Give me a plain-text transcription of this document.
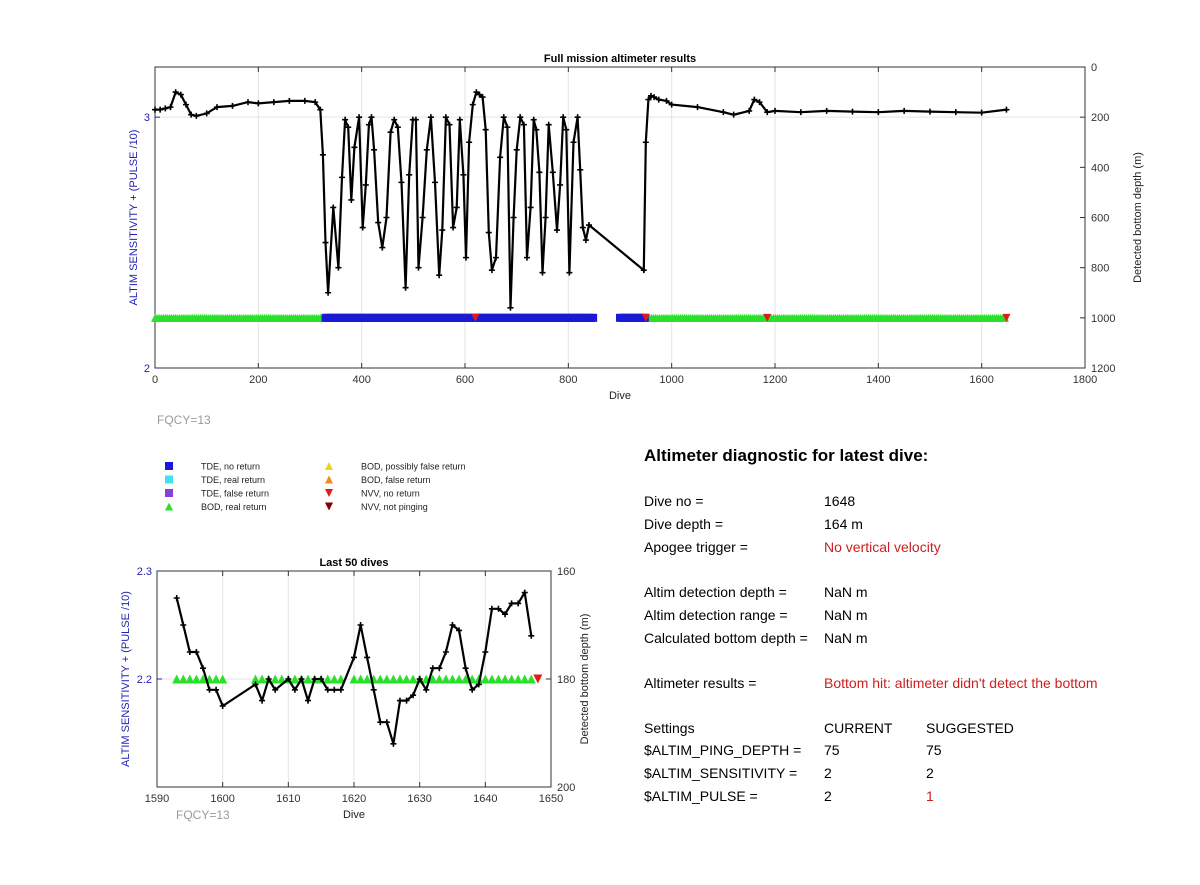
Full mission altimeter results
0	200	400	600	800	1000	1200	1400	1600	1800
Dive
2
3
ALTIM SENSITIVITY + (PULSE /10)
0
200
400
600
800
1000
1200
Detected bottom depth (m)
Last 50 dives
1590	1600	1610	1620	1630	1640	1650
Dive
2.2
2.3
ALTIM SENSITIVITY + (PULSE /10)
160
180
200
Detected bottom depth (m)
TDE, no return
TDE, real return
TDE, false return
BOD, real return
BOD, possibly false return
BOD, false return
NVV, no return
NVV, not pinging
FQCY=13
FQCY=13
Altimeter diagnostic for latest dive:
Dive no =	1648
Dive depth =	164 m
Apogee trigger =	No vertical velocity
Altim detection depth =	NaN m
Altim detection range =	NaN m
Calculated bottom depth = NaN m
Altimeter results =	Bottom hit: altimeter didn't detect the bottom
Settings	CURRENT SUGGESTED
$ALTIM_PING_DEPTH = 75	75
$ALTIM_SENSITIVITY = 2	2
$ALTIM_PULSE =	2	1
